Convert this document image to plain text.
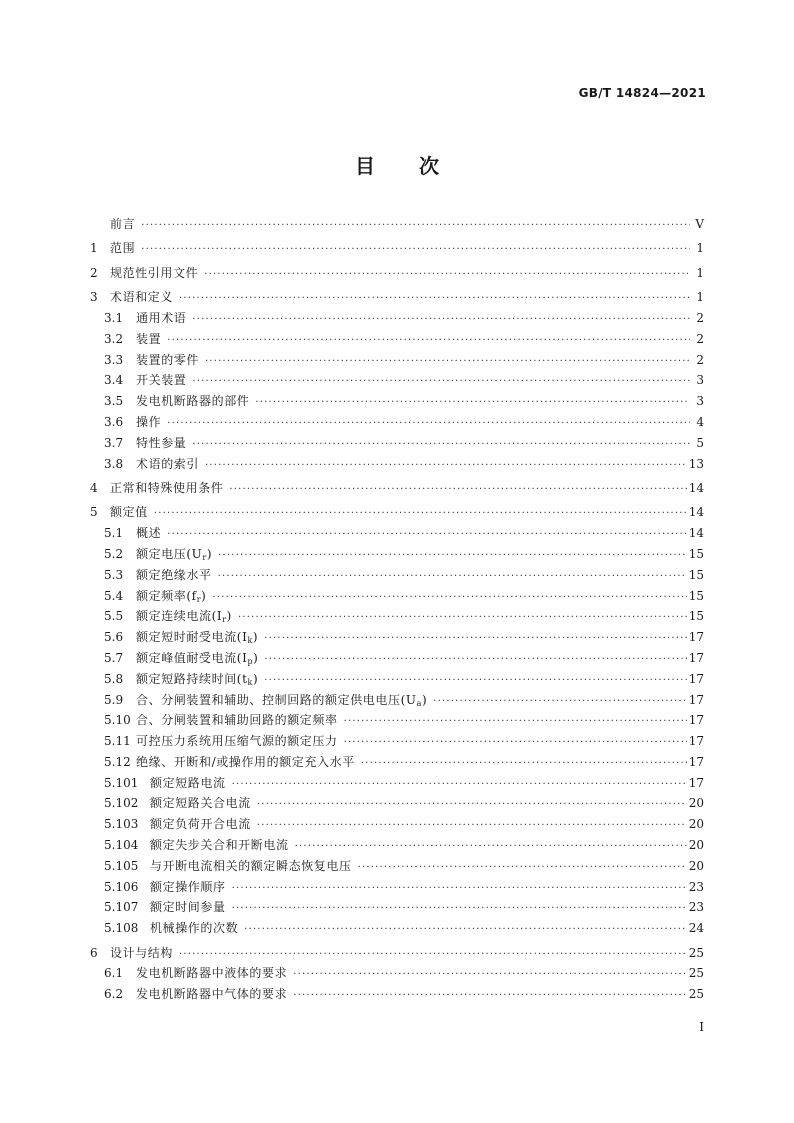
GB/T 14824—2021
目 次
前言 ·····	Ⅴ
1	范围 ·····	1
2	规范性引用文件 ·····	1
3	术语和定义 ·····	1
3.1	通用术语 ·····	2
3.2	装置 ·····	2
3.3	装置的零件 ·····	2
3.4	开关装置 ·····	3
3.5	发电机断路器的部件 ·····	3
3.6	操作 ·····	4
3.7	特性参量 ·····	5
3.8	术语的索引 ·····	13
4	正常和特殊使用条件 ·····	14
5	额定值 ·····	14
5.1	概述 ·····	14
5.2	额定电压$(U_r)$ ·····	15
5.3	额定绝缘水平 ·····	15
5.4	额定频率$(f_r)$ ·····	15
5.5	额定连续电流$(I_r)$ ·····	15
5.6	额定短时耐受电流$(I_k)$ ·····	17
5.7	额定峰值耐受电流$(I_p)$ ·····	17
5.8	额定短路持续时间$(t_k)$ ·····	17
5.9	合、分闸装置和辅助、控制回路的额定供电电压$(U_a)$ ·····	17
5.10 合、分闸装置和辅助回路的额定频率 ·····	17
5.11 可控压力系统用压缩气源的额定压力 ·····	17
5.12 绝缘、开断和/或操作用的额定充入水平 ·····	17
5.101 额定短路电流 ·····	17
5.102 额定短路关合电流 ·····	20
5.103 额定负荷开合电流 ·····	20
5.104 额定失步关合和开断电流 ·····	20
5.105 与开断电流相关的额定瞬态恢复电压 ·····	20
5.106 额定操作顺序 ·····	23
5.107 额定时间参量 ·····	23
5.108 机械操作的次数 ·····	24
6	设计与结构 ·····	25
6.1	发电机断路器中液体的要求 ·····	25
6.2	发电机断路器中气体的要求 ·····	25
I
